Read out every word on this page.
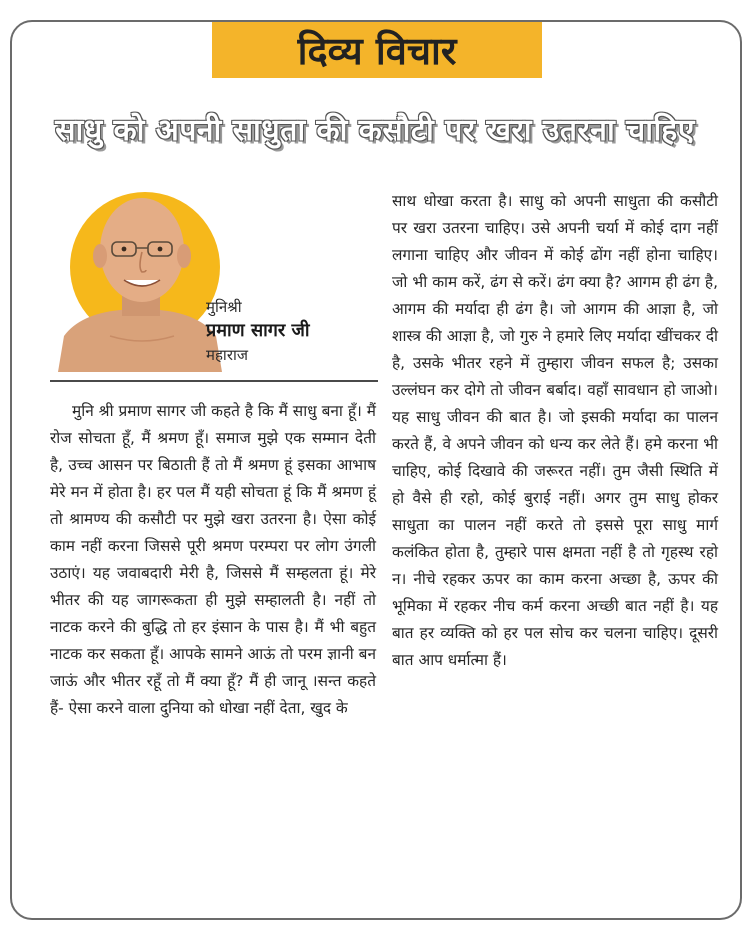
दिव्य विचार
साधु को अपनी साधुता की कसौटी पर खरा उतरना चाहिए
मुनिश्री
प्रमाण सागर जी
महाराज
मुनि श्री प्रमाण सागर जी कहते है कि मैं साधु बना हूँ। मैं रोज सोचता हूँ, मैं श्रमण हूँ। समाज मुझे एक सम्मान देती है, उच्च आसन पर बिठाती हैं तो मैं श्रमण हूं इसका आभाष मेरे मन में होता है। हर पल मैं यही सोचता हूं कि मैं श्रमण हूं तो श्रामण्य की कसौटी पर मुझे खरा उतरना है। ऐसा कोई काम नहीं करना जिससे पूरी श्रमण परम्परा पर लोग उंगली उठाएं। यह जवाबदारी मेरी है, जिससे मैं सम्हलता हूं। मेरे भीतर की यह जागरूकता ही मुझे सम्हालती है। नहीं तो नाटक करने की बुद्धि तो हर इंसान के पास है। मैं भी बहुत नाटक कर सकता हूँ। आपके सामने आऊं तो परम ज्ञानी बन जाऊं और भीतर रहूँ तो मैं क्या हूँ? मैं ही जानू ।सन्त कहते हैं- ऐसा करने वाला दुनिया को धोखा नहीं देता, खुद के
साथ धोखा करता है। साधु को अपनी साधुता की कसौटी पर खरा उतरना चाहिए। उसे अपनी चर्या में कोई दाग नहीं लगाना चाहिए और जीवन में कोई ढोंग नहीं होना चाहिए। जो भी काम करें, ढंग से करें। ढंग क्या है? आगम ही ढंग है, आगम की मर्यादा ही ढंग है। जो आगम की आज्ञा है, जो शास्त्र की आज्ञा है, जो गुरु ने हमारे लिए मर्यादा खींचकर दी है, उसके भीतर रहने में तुम्हारा जीवन सफल है; उसका उल्लंघन कर दोगे तो जीवन बर्बाद। वहाँ सावधान हो जाओ। यह साधु जीवन की बात है। जो इसकी मर्यादा का पालन करते हैं, वे अपने जीवन को धन्य कर लेते हैं। हमे करना भी चाहिए, कोई दिखावे की जरूरत नहीं। तुम जैसी स्थिति में हो वैसे ही रहो, कोई बुराई नहीं। अगर तुम साधु होकर साधुता का पालन नहीं करते तो इससे पूरा साधु मार्ग कलंकित होता है, तुम्हारे पास क्षमता नहीं है तो गृहस्थ रहो न। नीचे रहकर ऊपर का काम करना अच्छा है, ऊपर की भूमिका में रहकर नीच कर्म करना अच्छी बात नहीं है। यह बात हर व्यक्ति को हर पल सोच कर चलना चाहिए। दूसरी बात आप धर्मात्मा हैं।
